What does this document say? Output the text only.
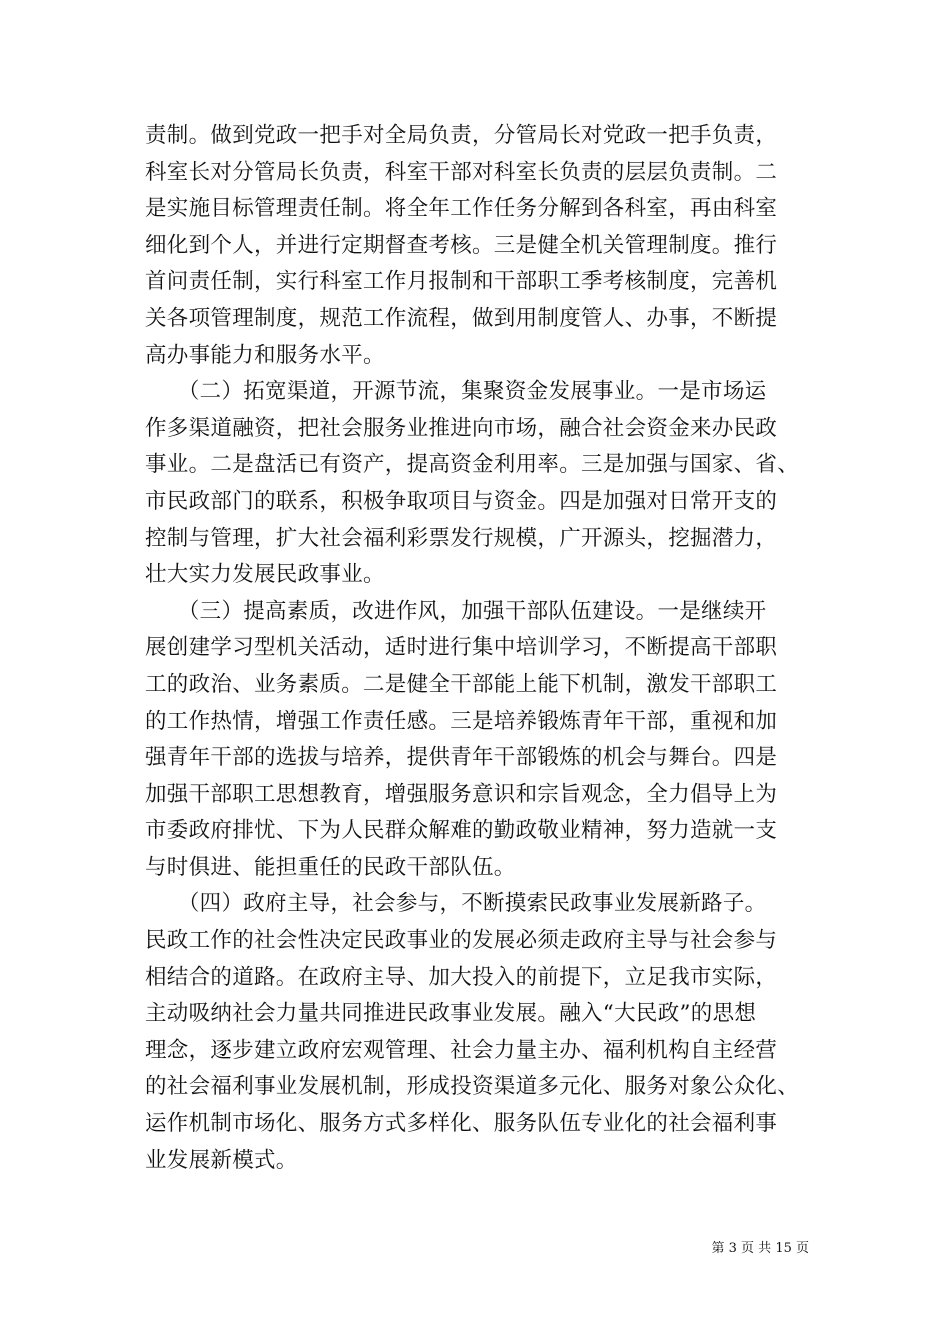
责制。做到党政一把手对全局负责，分管局长对党政一把手负责，
科室长对分管局长负责，科室干部对科室长负责的层层负责制。二
是实施目标管理责任制。将全年工作任务分解到各科室，再由科室
细化到个人，并进行定期督查考核。三是健全机关管理制度。推行
首问责任制，实行科室工作月报制和干部职工季考核制度，完善机
关各项管理制度，规范工作流程，做到用制度管人、办事，不断提
高办事能力和服务水平。
　　（二）拓宽渠道，开源节流，集聚资金发展事业。一是市场运
作多渠道融资，把社会服务业推进向市场，融合社会资金来办民政
事业。二是盘活已有资产，提高资金利用率。三是加强与国家、省、
市民政部门的联系，积极争取项目与资金。四是加强对日常开支的
控制与管理，扩大社会福利彩票发行规模，广开源头，挖掘潜力，
壮大实力发展民政事业。
　　（三）提高素质，改进作风，加强干部队伍建设。一是继续开
展创建学习型机关活动，适时进行集中培训学习，不断提高干部职
工的政治、业务素质。二是健全干部能上能下机制，激发干部职工
的工作热情，增强工作责任感。三是培养锻炼青年干部，重视和加
强青年干部的选拔与培养，提供青年干部锻炼的机会与舞台。四是
加强干部职工思想教育，增强服务意识和宗旨观念，全力倡导上为
市委政府排忧、下为人民群众解难的勤政敬业精神，努力造就一支
与时俱进、能担重任的民政干部队伍。
　　（四）政府主导，社会参与，不断摸索民政事业发展新路子。
民政工作的社会性决定民政事业的发展必须走政府主导与社会参与
相结合的道路。在政府主导、加大投入的前提下，立足我市实际，
主动吸纳社会力量共同推进民政事业发展。融入“大民政”的思想
理念，逐步建立政府宏观管理、社会力量主办、福利机构自主经营
的社会福利事业发展机制，形成投资渠道多元化、服务对象公众化、
运作机制市场化、服务方式多样化、服务队伍专业化的社会福利事
业发展新模式。
第 3 页 共 15 页
